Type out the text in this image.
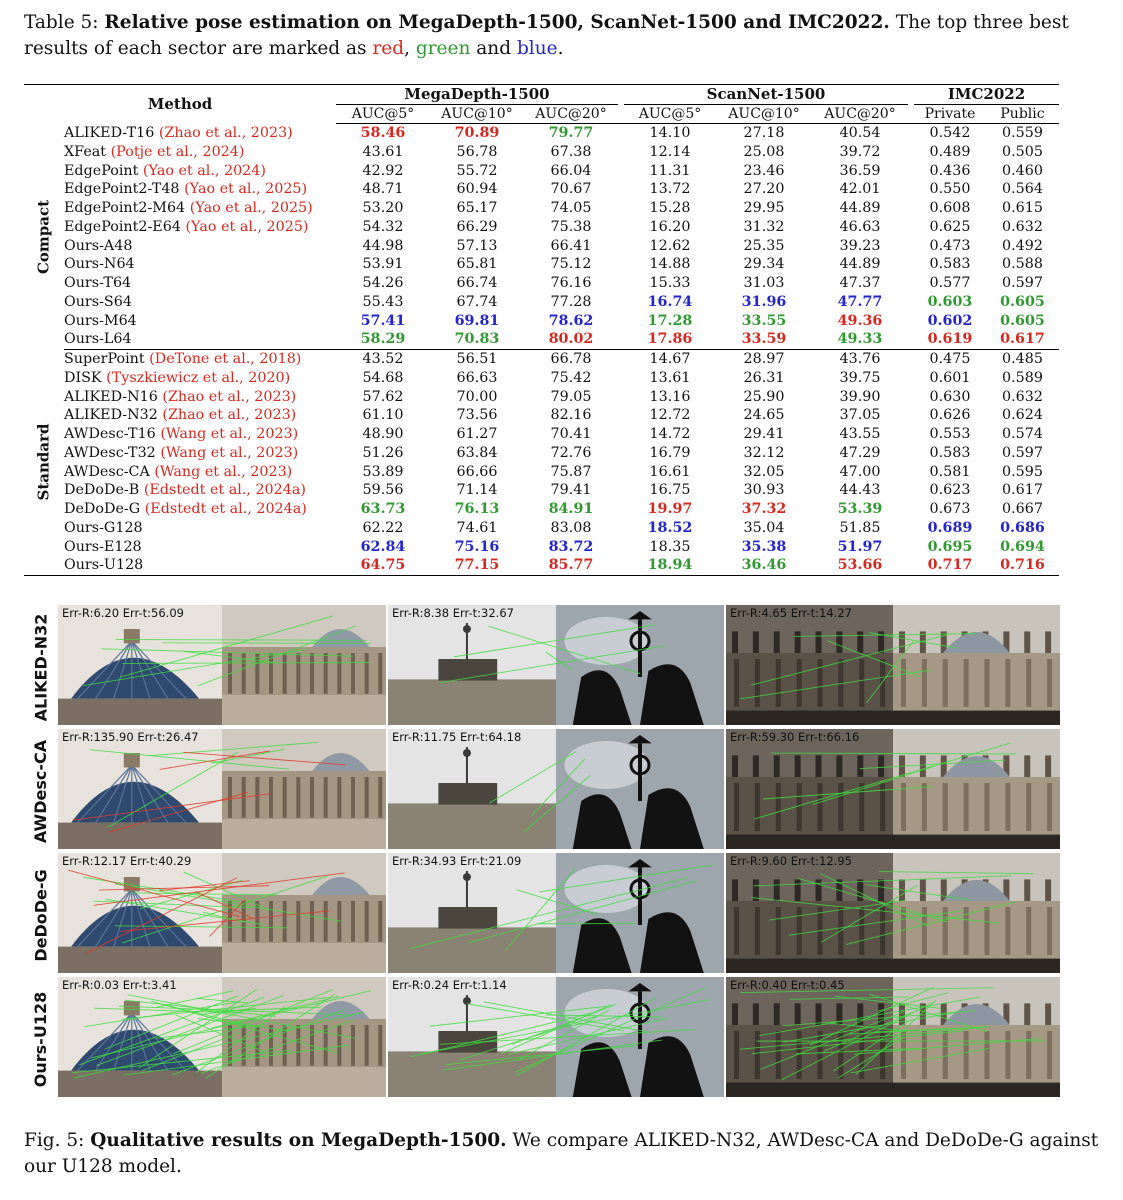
Table 5: Relative pose estimation on MegaDepth-1500, ScanNet-1500 and IMC2022. The top three best results of each sector are marked as red, green and blue.
Method		MegaDepth-1500				ScanNet-1500				IMC2022	
		AUC@5°	AUC@10°	AUC@20°		AUC@5°	AUC@10°	AUC@20°		Private	Public

Compact	ALIKED-T16 (Zhao et al., 2023)	58.46	70.89	79.77		14.10	27.18	40.54		0.542	0.559
	XFeat (Potje et al., 2024)	43.61	56.78	67.38		12.14	25.08	39.72		0.489	0.505
	EdgePoint (Yao et al., 2024)	42.92	55.72	66.04		11.31	23.46	36.59		0.436	0.460
	EdgePoint2-T48 (Yao et al., 2025)	48.71	60.94	70.67		13.72	27.20	42.01		0.550	0.564
	EdgePoint2-M64 (Yao et al., 2025)	53.20	65.17	74.05		15.28	29.95	44.89		0.608	0.615
	EdgePoint2-E64 (Yao et al., 2025)	54.32	66.29	75.38		16.20	31.32	46.63		0.625	0.632
	Ours-A48	44.98	57.13	66.41		12.62	25.35	39.23		0.473	0.492
	Ours-N64	53.91	65.81	75.12		14.88	29.34	44.89		0.583	0.588
	Ours-T64	54.26	66.74	76.16		15.33	31.03	47.37		0.577	0.597
	Ours-S64	55.43	67.74	77.28		16.74	31.96	47.77		0.603	0.605
	Ours-M64	57.41	69.81	78.62		17.28	33.55	49.36		0.602	0.605
	Ours-L64	58.29	70.83	80.02		17.86	33.59	49.33		0.619	0.617

Standard	SuperPoint (DeTone et al., 2018)	43.52	56.51	66.78		14.67	28.97	43.76		0.475	0.485
	DISK (Tyszkiewicz et al., 2020)	54.68	66.63	75.42		13.61	26.31	39.75		0.601	0.589
	ALIKED-N16 (Zhao et al., 2023)	57.62	70.00	79.05		13.16	25.90	39.90		0.630	0.632
	ALIKED-N32 (Zhao et al., 2023)	61.10	73.56	82.16		12.72	24.65	37.05		0.626	0.624
	AWDesc-T16 (Wang et al., 2023)	48.90	61.27	70.41		14.72	29.41	43.55		0.553	0.574
	AWDesc-T32 (Wang et al., 2023)	51.26	63.84	72.76		16.79	32.12	47.29		0.583	0.597
	AWDesc-CA (Wang et al., 2023)	53.89	66.66	75.87		16.61	32.05	47.00		0.581	0.595
	DeDoDe-B (Edstedt et al., 2024a)	59.56	71.14	79.41		16.75	30.93	44.43		0.623	0.617
	DeDoDe-G (Edstedt et al., 2024a)	63.73	76.13	84.91		19.97	37.32	53.39		0.673	0.667
	Ours-G128	62.22	74.61	83.08		18.52	35.04	51.85		0.689	0.686
	Ours-E128	62.84	75.16	83.72		18.35	35.38	51.97		0.695	0.694
	Ours-U128	64.75	77.15	85.77		18.94	36.46	53.66		0.717	0.716
ALIKED-N32
Err-R:6.20 Err-t:56.09	Err-R:8.38 Err-t:32.67	Err-R:4.65 Err-t:14.27
AWDesc-CA
Err-R:135.90 Err-t:26.47	Err-R:11.75 Err-t:64.18	Err-R:59.30 Err-t:66.16
DeDoDe-G
Err-R:12.17 Err-t:40.29	Err-R:34.93 Err-t:21.09	Err-R:9.60 Err-t:12.95
Ours-U128
Err-R:0.03 Err-t:3.41	Err-R:0.24 Err-t:1.14	Err-R:0.40 Err-t:0.45
Fig. 5: Qualitative results on MegaDepth-1500. We compare ALIKED-N32, AWDesc-CA and DeDoDe-G against our U128 model.
